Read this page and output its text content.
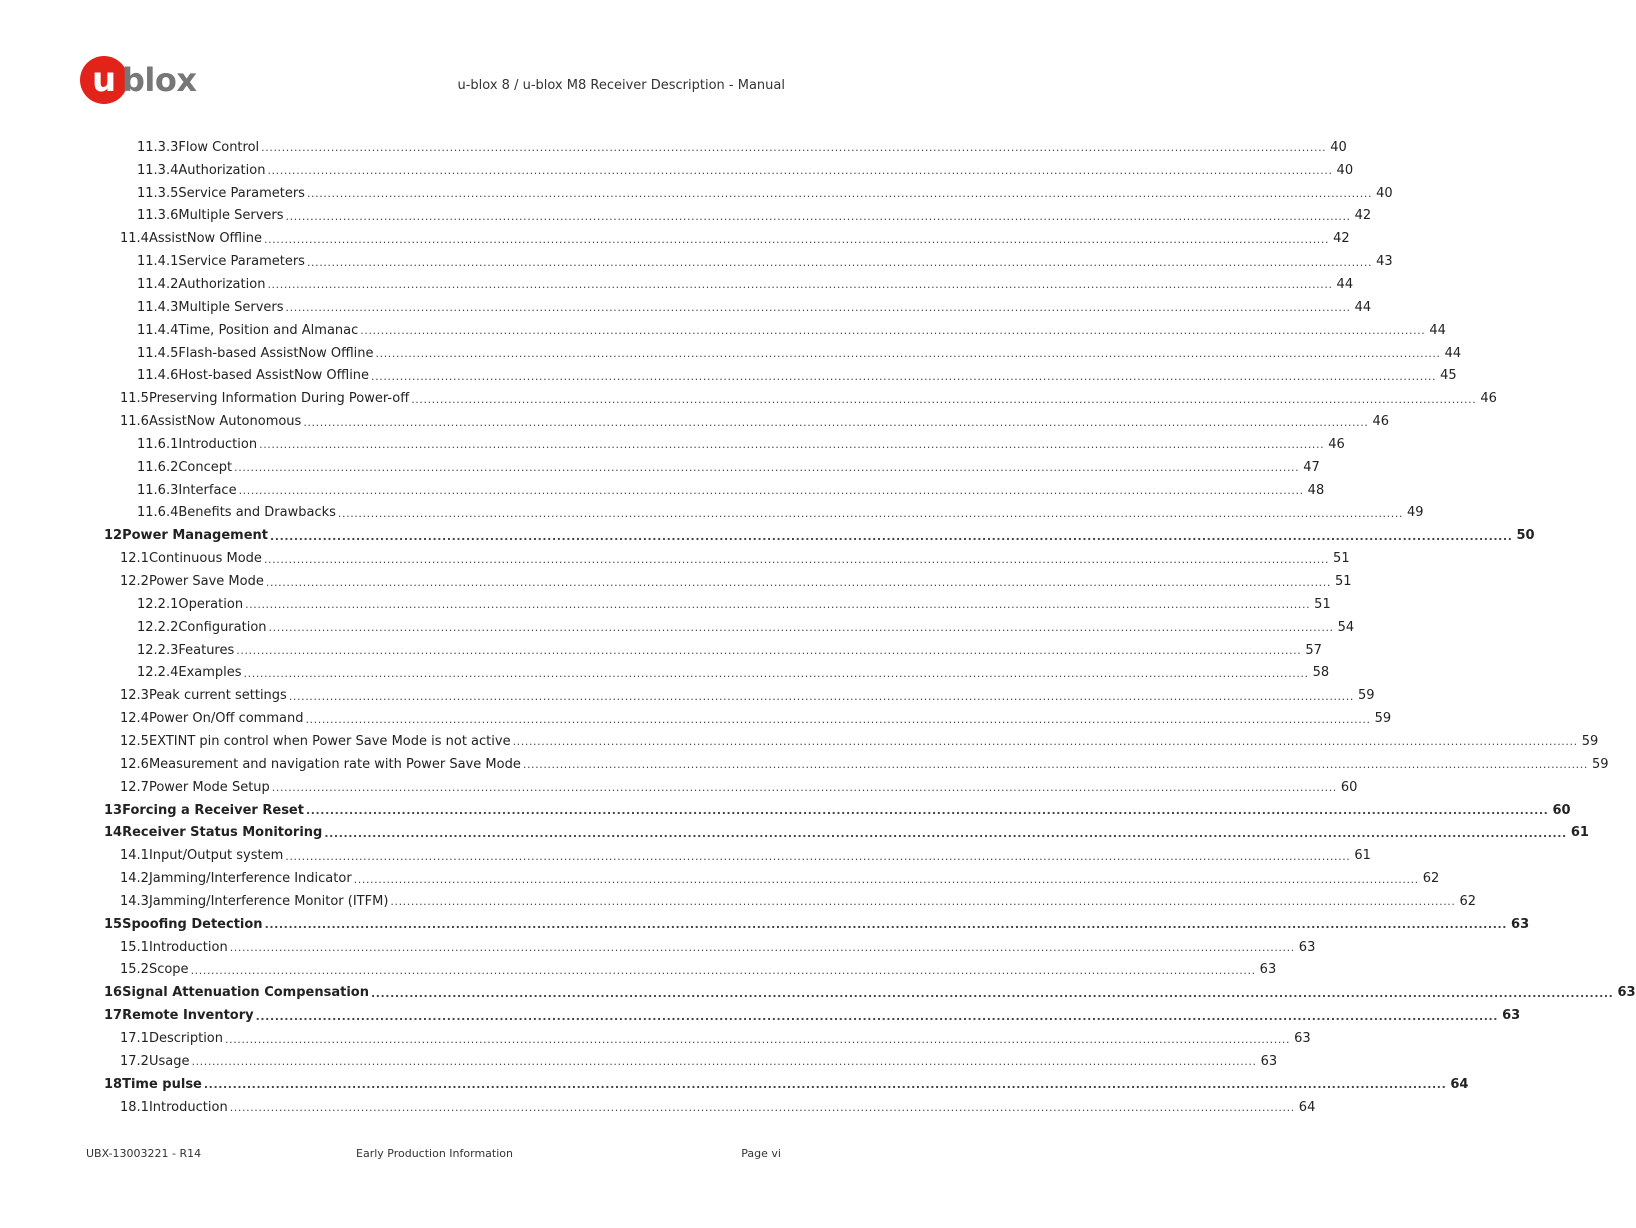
u blox	u-blox 8 / u-blox M8 Receiver Description - Manual
11.3.3 Flow Control .................................................................................................................................................................................................................................................................... 40
11.3.4 Authorization .................................................................................................................................................................................................................................................................... 40
11.3.5 Service Parameters .................................................................................................................................................................................................................................................................... 40
11.3.6 Multiple Servers .................................................................................................................................................................................................................................................................... 42
11.4 AssistNow Offline .................................................................................................................................................................................................................................................................... 42
11.4.1 Service Parameters .................................................................................................................................................................................................................................................................... 43
11.4.2 Authorization .................................................................................................................................................................................................................................................................... 44
11.4.3 Multiple Servers .................................................................................................................................................................................................................................................................... 44
11.4.4 Time, Position and Almanac .................................................................................................................................................................................................................................................................... 44
11.4.5 Flash-based AssistNow Offline .................................................................................................................................................................................................................................................................... 44
11.4.6 Host-based AssistNow Offline .................................................................................................................................................................................................................................................................... 45
11.5 Preserving Information During Power-off .................................................................................................................................................................................................................................................................... 46
11.6 AssistNow Autonomous .................................................................................................................................................................................................................................................................... 46
11.6.1 Introduction .................................................................................................................................................................................................................................................................... 46
11.6.2 Concept .................................................................................................................................................................................................................................................................... 47
11.6.3 Interface .................................................................................................................................................................................................................................................................... 48
11.6.4 Benefits and Drawbacks .................................................................................................................................................................................................................................................................... 49
12 Power Management .................................................................................................................................................................................................................................................................... 50
12.1 Continuous Mode .................................................................................................................................................................................................................................................................... 51
12.2 Power Save Mode .................................................................................................................................................................................................................................................................... 51
12.2.1 Operation .................................................................................................................................................................................................................................................................... 51
12.2.2 Configuration .................................................................................................................................................................................................................................................................... 54
12.2.3 Features .................................................................................................................................................................................................................................................................... 57
12.2.4 Examples .................................................................................................................................................................................................................................................................... 58
12.3 Peak current settings .................................................................................................................................................................................................................................................................... 59
12.4 Power On/Off command .................................................................................................................................................................................................................................................................... 59
12.5 EXTINT pin control when Power Save Mode is not active .................................................................................................................................................................................................................................................................... 59
12.6 Measurement and navigation rate with Power Save Mode .................................................................................................................................................................................................................................................................... 59
12.7 Power Mode Setup .................................................................................................................................................................................................................................................................... 60
13 Forcing a Receiver Reset .................................................................................................................................................................................................................................................................... 60
14 Receiver Status Monitoring .................................................................................................................................................................................................................................................................... 61
14.1 Input/Output system .................................................................................................................................................................................................................................................................... 61
14.2 Jamming/Interference Indicator .................................................................................................................................................................................................................................................................... 62
14.3 Jamming/Interference Monitor (ITFM) .................................................................................................................................................................................................................................................................... 62
15 Spoofing Detection .................................................................................................................................................................................................................................................................... 63
15.1 Introduction .................................................................................................................................................................................................................................................................... 63
15.2 Scope .................................................................................................................................................................................................................................................................... 63
16 Signal Attenuation Compensation .................................................................................................................................................................................................................................................................... 63
17 Remote Inventory .................................................................................................................................................................................................................................................................... 63
17.1 Description .................................................................................................................................................................................................................................................................... 63
17.2 Usage .................................................................................................................................................................................................................................................................... 63
18 Time pulse .................................................................................................................................................................................................................................................................... 64
18.1 Introduction .................................................................................................................................................................................................................................................................... 64
UBX-13003221 - R14	Early Production Information	Page vi
